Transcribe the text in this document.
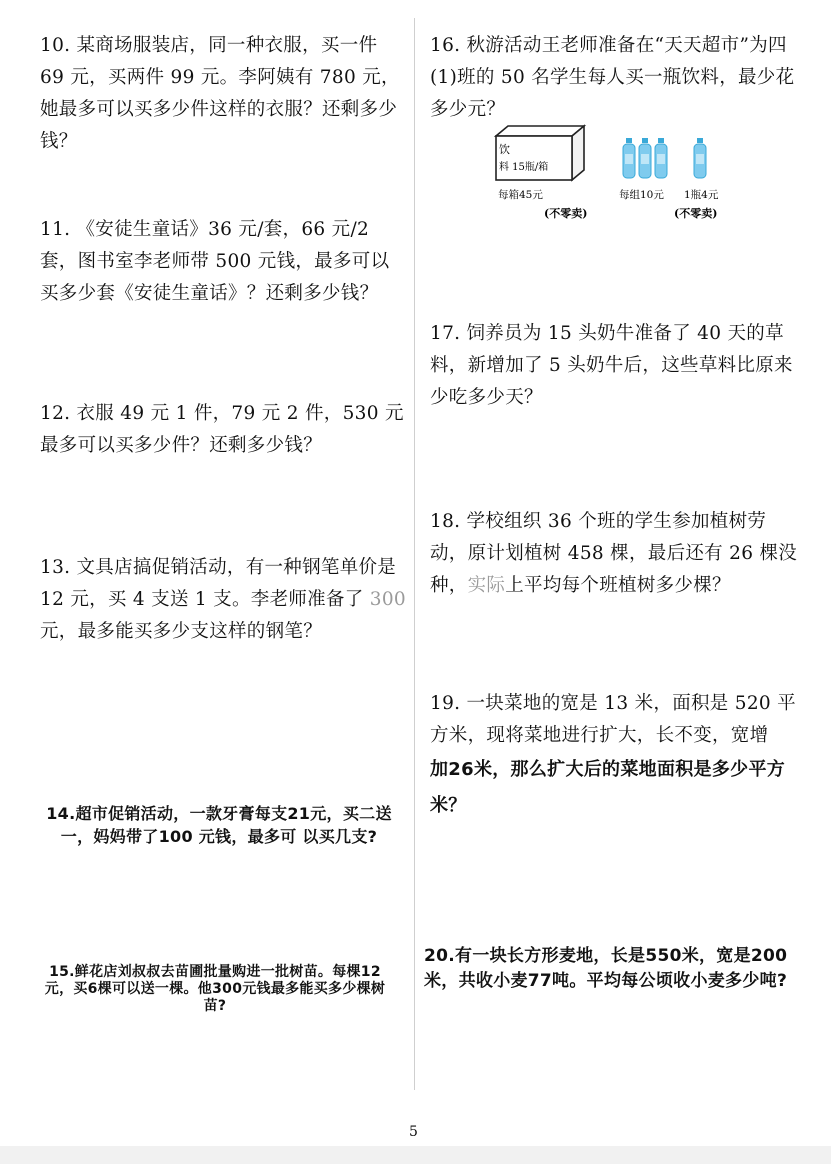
10. 某商场服装店，同一种衣服，买一件 69 元，买两件 99 元。李阿姨有 780 元，她最多可以买多少件这样的衣服？还剩多少钱？

11. 《安徒生童话》36 元/套，66 元/2 套，图书室李老师带 500 元钱，最多可以买多少套《安徒生童话》？还剩多少钱？

12. 衣服 49 元 1 件，79 元 2 件，530 元最多可以买多少件？还剩多少钱？

13. 文具店搞促销活动，有一种钢笔单价是 12 元，买 4 支送 1 支。李老师准备了 300 元，最多能买多少支这样的钢笔？

14.超市促销活动，一款牙膏每支21元，买二送一，妈妈带了100 元钱，最多可 以买几支?

15.鲜花店刘叔叔去苗圃批量购进一批树苗。每棵12元，买6棵可以送一棵。他300元钱最多能买多少棵树苗?

16. 秋游活动王老师准备在“天天超市”为四(1)班的 50 名学生每人买一瓶饮料，最少花多少元？

饮
料 15瓶/箱
每箱45元
(不零卖)
每组10元 1瓶4元
(不零卖)

17. 饲养员为 15 头奶牛准备了 40 天的草料，新增加了 5 头奶牛后，这些草料比原来少吃多少天？

18. 学校组织 36 个班的学生参加植树劳动，原计划植树 458 棵，最后还有 26 棵没种，实际上平均每个班植树多少棵？

19. 一块菜地的宽是 13 米，面积是 520 平方米，现将菜地进行扩大，长不变，宽增

加26米，那么扩大后的菜地面积是多少平方米？

20.有一块长方形麦地，长是550米，宽是200米，共收小麦77吨。平均每公顷收小麦多少吨?

5
